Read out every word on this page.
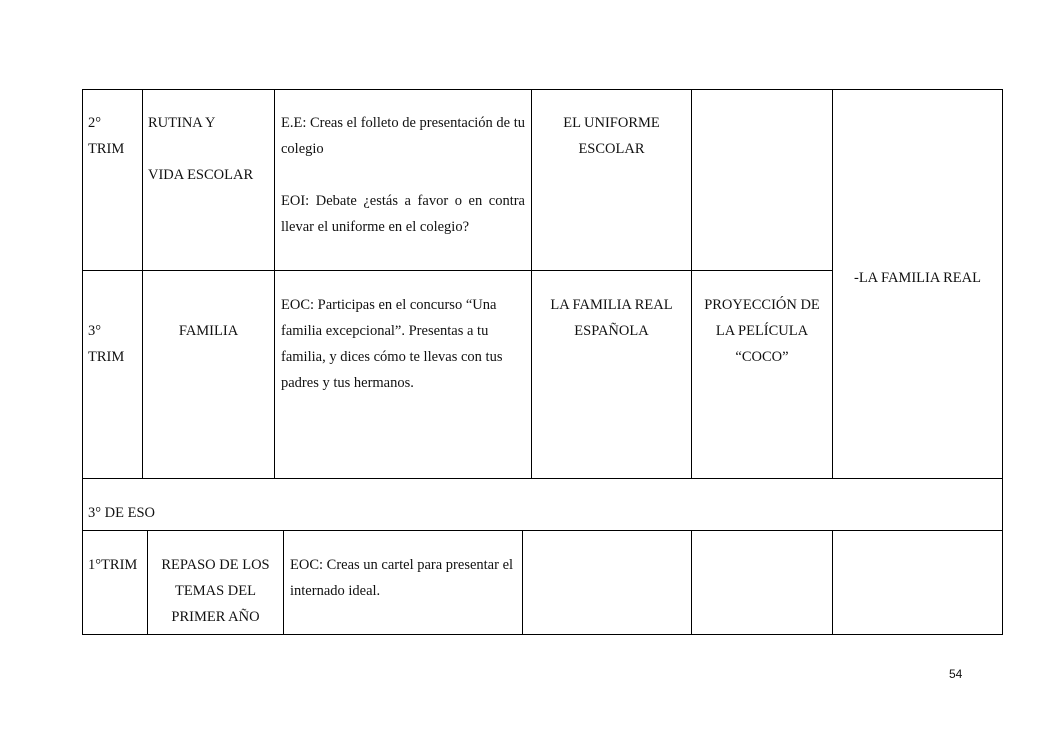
2°
TRIM
RUTINA Y
VIDA ESCOLAR
E.E: Creas el folleto de presentación de tu colegio
EOI: Debate ¿estás a favor o en contra llevar el uniforme en el colegio?
EL UNIFORME
ESCOLAR
-LA FAMILIA REAL
3°
TRIM
FAMILIA
EOC: Participas en el concurso “Una familia excepcional”. Presentas a tu familia, y dices cómo te llevas con tus padres y tus hermanos.
LA FAMILIA REAL
ESPAÑOLA
PROYECCIÓN DE
LA PELÍCULA
“COCO”
3° DE ESO
1°TRIM	REPASO DE LOS
TEMAS DEL
PRIMER AÑO
EOC: Creas un cartel para presentar el internado ideal.
54
